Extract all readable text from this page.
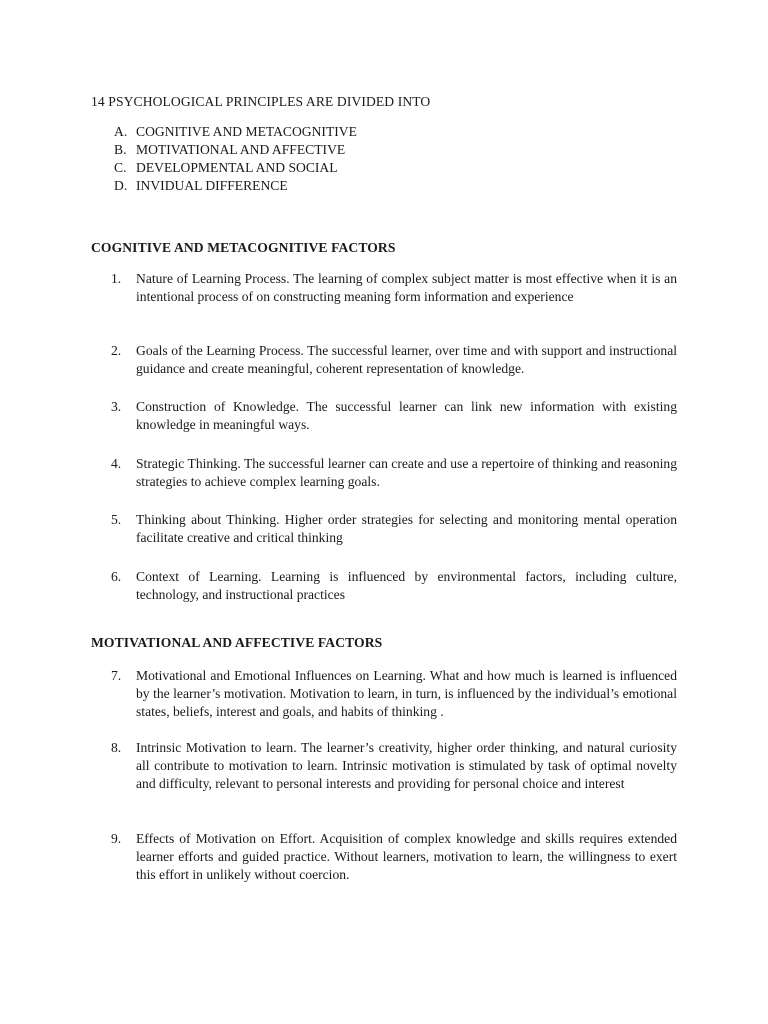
14 PSYCHOLOGICAL PRINCIPLES ARE DIVIDED INTO
A. COGNITIVE AND METACOGNITIVE
B. MOTIVATIONAL AND AFFECTIVE
C. DEVELOPMENTAL AND SOCIAL
D. INVIDUAL DIFFERENCE
COGNITIVE AND METACOGNITIVE FACTORS
1.	Nature of Learning Process. The learning of complex subject matter is most effective when it is an intentional process of on constructing meaning form information and experience
2.	Goals of the Learning Process. The successful learner, over time and with support and instructional guidance and create meaningful, coherent representation of knowledge.
3.	Construction of Knowledge. The successful learner can link new information with existing knowledge in meaningful ways.
4.	Strategic Thinking. The successful learner can create and use a repertoire of thinking and reasoning strategies to achieve complex learning goals.
5.	Thinking about Thinking. Higher order strategies for selecting and monitoring mental operation facilitate creative and critical thinking
6.	Context of Learning. Learning is influenced by environmental factors, including culture, technology, and instructional practices
MOTIVATIONAL AND AFFECTIVE FACTORS
7.	Motivational and Emotional Influences on Learning. What and how much is learned is influenced by the learner’s motivation. Motivation to learn, in turn, is influenced by the individual’s emotional states, beliefs, interest and goals, and habits of thinking .
8.	Intrinsic Motivation to learn. The learner’s creativity, higher order thinking, and natural curiosity all contribute to motivation to learn. Intrinsic motivation is stimulated by task of optimal novelty and difficulty, relevant to personal interests and providing for personal choice and interest
9.	Effects of Motivation on Effort. Acquisition of complex knowledge and skills requires extended learner efforts and guided practice. Without learners, motivation to learn, the willingness to exert this effort in unlikely without coercion.
